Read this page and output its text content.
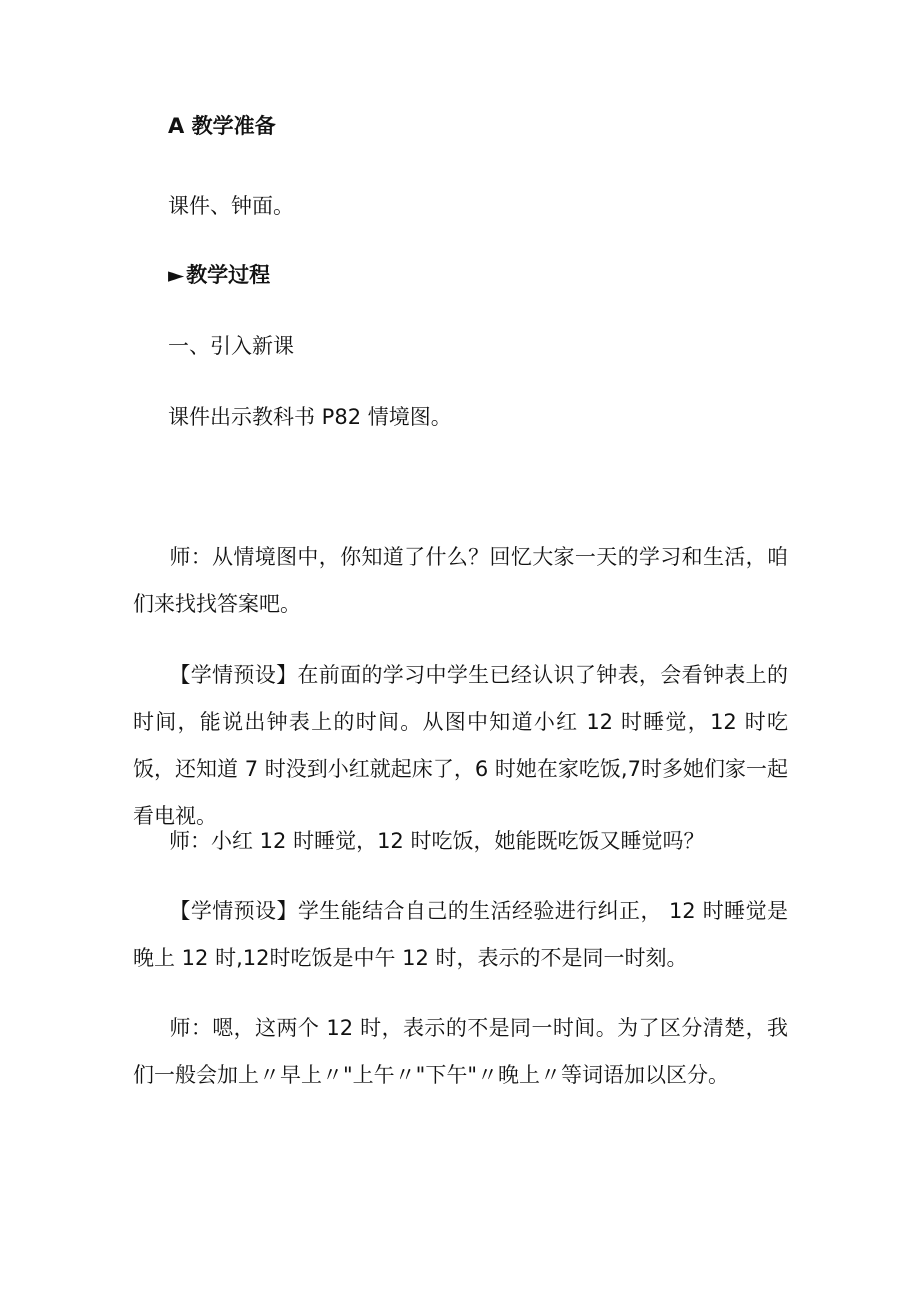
A 教学准备

课件、钟面。

►教学过程

一、引入新课

课件出示教科书 P82 情境图。

师：从情境图中，你知道了什么？回忆大家一天的学习和生活，咱们来找找答案吧。

【学情预设】在前面的学习中学生已经认识了钟表，会看钟表上的时间，能说出钟表上的时间。从图中知道小红 12 时睡觉，12 时吃饭，还知道 7 时没到小红就起床了，6 时她在家吃饭,7时多她们家一起看电视。

师：小红 12 时睡觉，12 时吃饭，她能既吃饭又睡觉吗？

【学情预设】学生能结合自己的生活经验进行纠正， 12 时睡觉是晚上 12 时,12时吃饭是中午 12 时，表示的不是同一时刻。

师：嗯，这两个 12 时，表示的不是同一时间。为了区分清楚，我们一般会加上〃早上〃"上午〃"下午"〃晚上〃等词语加以区分。
